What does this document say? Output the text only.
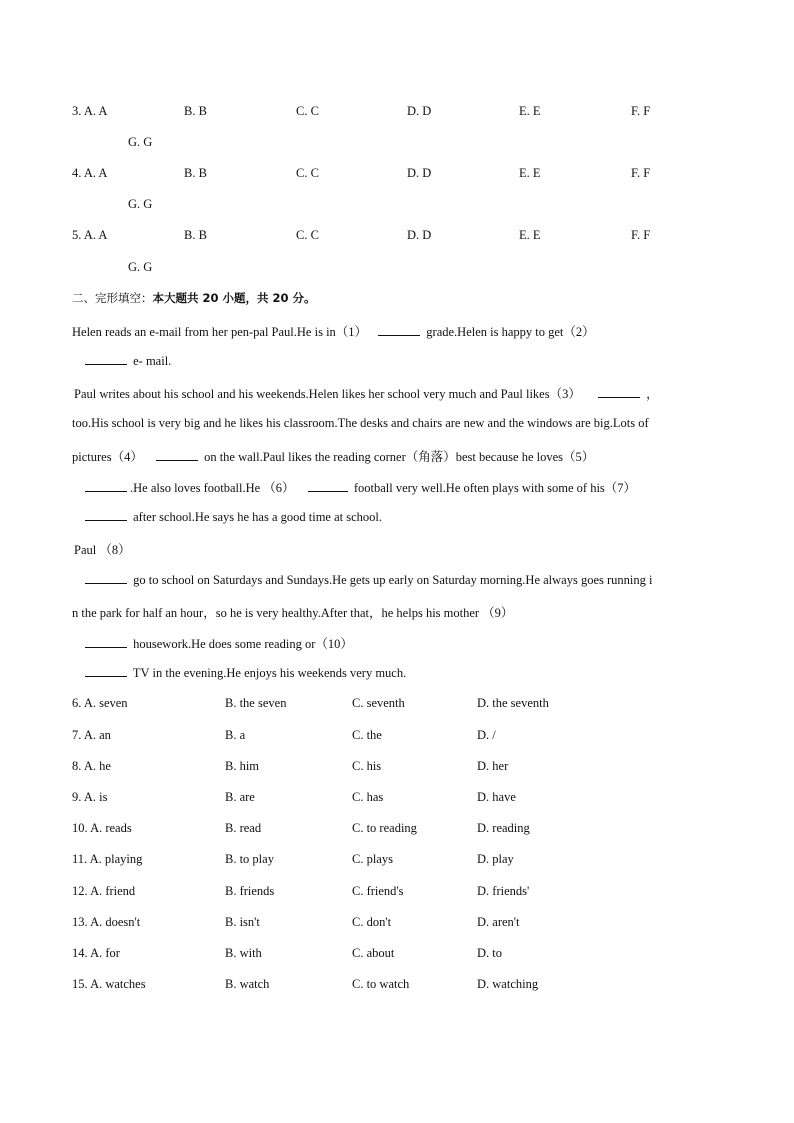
3. A. A	B. B	C. C	D. D	E. E	F. F
G. G
4. A. A	B. B	C. C	D. D	E. E	F. F
G. G
5. A. A	B. B	C. C	D. D	E. E	F. F
G. G
二、完形填空：本大题共 20 小题，共 20 分。
Helen reads an e-mail from her pen-pal Paul.He is in（1）	grade.Helen is happy to get（2）
e- mail.
Paul writes about his school and his weekends.Helen likes her school very much and Paul likes（3）	，
too.His school is very big and he likes his classroom.The desks and chairs are new and the windows are big.Lots of
pictures（4）	on the wall.Paul likes the reading corner（角落）best because he loves（5）
.He also loves football.He （6）	football very well.He often plays with some of his（7）
after school.He says he has a good time at school.
Paul （8）
go to school on Saturdays and Sundays.He gets up early on Saturday morning.He always goes running i
n the park for half an hour，so he is very healthy.After that，he helps his mother （9）
housework.He does some reading or（10）
TV in the evening.He enjoys his weekends very much.
6. A. seven	B. the seven	C. seventh	D. the seventh
7. A. an	B. a	C. the	D. /
8. A. he	B. him	C. his	D. her
9. A. is	B. are	C. has	D. have
10. A. reads	B. read	C. to reading	D. reading
11. A. playing	B. to play	C. plays	D. play
12. A. friend	B. friends	C. friend's	D. friends'
13. A. doesn't	B. isn't	C. don't	D. aren't
14. A. for	B. with	C. about	D. to
15. A. watches	B. watch	C. to watch	D. watching
